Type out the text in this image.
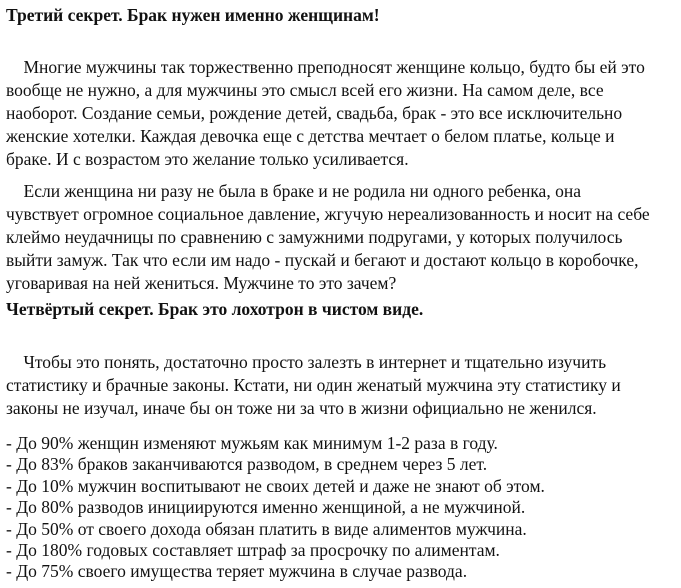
Третий секрет. Брак нужен именно женщинам!

Многие мужчины так торжественно преподносят женщине кольцо, будто бы ей это
вообще не нужно, а для мужчины это смысл всей его жизни. На самом деле, все
наоборот. Создание семьи, рождение детей, свадьба, брак - это все исключительно
женские хотелки. Каждая девочка еще с детства мечтает о белом платье, кольце и
браке. И с возрастом это желание только усиливается.

Если женщина ни разу не была в браке и не родила ни одного ребенка, она
чувствует огромное социальное давление, жгучую нереализованность и носит на себе
клеймо неудачницы по сравнению с замужними подругами, у которых получилось
выйти замуж. Так что если им надо - пускай и бегают и достают кольцо в коробочке,
уговаривая на ней жениться. Мужчине то это зачем?

Четвёртый секрет. Брак это лохотрон в чистом виде.

Чтобы это понять, достаточно просто залезть в интернет и тщательно изучить
статистику и брачные законы. Кстати, ни один женатый мужчина эту статистику и
законы не изучал, иначе бы он тоже ни за что в жизни официально не женился.

- До 90% женщин изменяют мужьям как минимум 1-2 раза в году.
- До 83% браков заканчиваются разводом, в среднем через 5 лет.
- До 10% мужчин воспитывают не своих детей и даже не знают об этом.
- До 80% разводов инициируются именно женщиной, а не мужчиной.
- До 50% от своего дохода обязан платить в виде алиментов мужчина.
- До 180% годовых составляет штраф за просрочку по алиментам.
- До 75% своего имущества теряет мужчина в случае развода.
